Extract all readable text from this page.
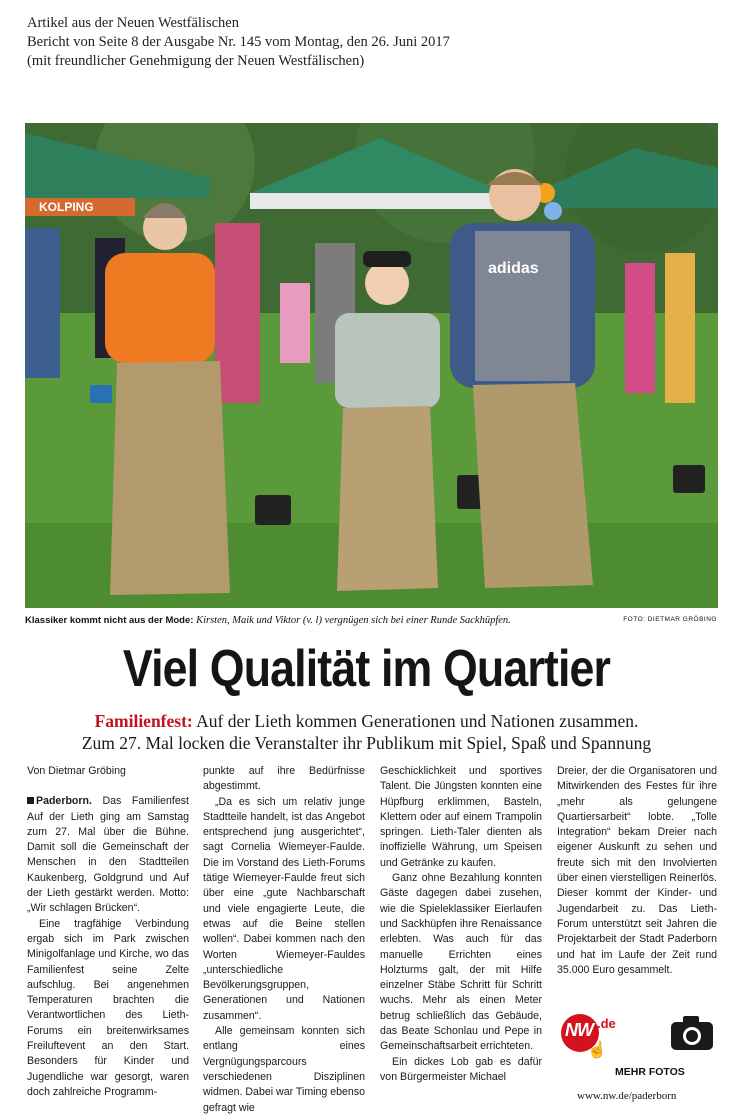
Artikel aus der Neuen Westfälischen
Bericht von Seite 8 der Ausgabe Nr. 145 vom Montag, den 26. Juni 2017
(mit freundlicher Genehmigung der Neuen Westfälischen)
KOLPING
adidas
Klassiker kommt nicht aus der Mode: Kirsten, Maik und Viktor (v. l) vergnügen sich bei einer Runde Sackhüpfen.	FOTO: DIETMAR GRÖBING
Viel Qualität im Quartier
Familienfest: Auf der Lieth kommen Generationen und Nationen zusammen.
Zum 27. Mal locken die Veranstalter ihr Publikum mit Spiel, Spaß und Spannung
Von Dietmar Gröbing

Paderborn. Das Familienfest Auf der Lieth ging am Samstag zum 27. Mal über die Bühne. Damit soll die Gemeinschaft der Menschen in den Stadtteilen Kaukenberg, Goldgrund und Auf der Lieth gestärkt werden. Motto: „Wir schlagen Brücken“.

Eine tragfähige Verbindung ergab sich im Park zwischen Minigolfanlage und Kirche, wo das Familienfest seine Zelte aufschlug. Bei angenehmen Temperaturen brachten die Verantwortlichen des Lieth-Forums ein breitenwirksames Freiluftevent an den Start. Besonders für Kinder und Jugendliche war gesorgt, waren doch zahlreiche Programm-

punkte auf ihre Bedürfnisse abgestimmt.

„Da es sich um relativ junge Stadtteile handelt, ist das Angebot entsprechend jung ausgerichtet“, sagt Cornelia Wiemeyer-Faulde. Die im Vorstand des Lieth-Forums tätige Wiemeyer-Faulde freut sich über eine „gute Nachbarschaft und viele engagierte Leute, die etwas auf die Beine stellen wollen“. Dabei kommen nach den Worten Wiemeyer-Fauldes „unterschiedliche Bevölkerungsgruppen, Generationen und Nationen zusammen“.

Alle gemeinsam konnten sich entlang eines Vergnügungsparcours verschiedenen Disziplinen widmen. Dabei war Timing ebenso gefragt wie

Geschicklichkeit und sportives Talent. Die Jüngsten konnten eine Hüpfburg erklimmen, Basteln, Klettern oder auf einem Trampolin springen. Lieth-Taler dienten als inoffizielle Währung, um Speisen und Getränke zu kaufen.

Ganz ohne Bezahlung konnten Gäste dagegen dabei zusehen, wie die Spieleklassiker Eierlaufen und Sackhüpfen ihre Renaissance erlebten. Was auch für das manuelle Errichten eines Holzturms galt, der mit Hilfe einzelner Stäbe Schritt für Schritt wuchs. Mehr als einen Meter betrug schließlich das Gebäude, das Beate Schonlau und Pepe in Gemeinschaftsarbeit errichteten.

Ein dickes Lob gab es dafür von Bürgermeister Michael

Dreier, der die Organisatoren und Mitwirkenden des Festes für ihre „mehr als gelungene Quartiersarbeit“ lobte. „Tolle Integration“ bekam Dreier nach eigener Auskunft zu sehen und freute sich mit den Involvierten über einen vierstelligen Reinerlös. Dieser kommt der Kinder- und Jugendarbeit zu. Das Lieth-Forum unterstützt seit Jahren die Projektarbeit der Stadt Paderborn und hat im Laufe der Zeit rund 35.000 Euro gesammelt.

NW .de
☝
MEHR FOTOS
www.nw.de/paderborn
